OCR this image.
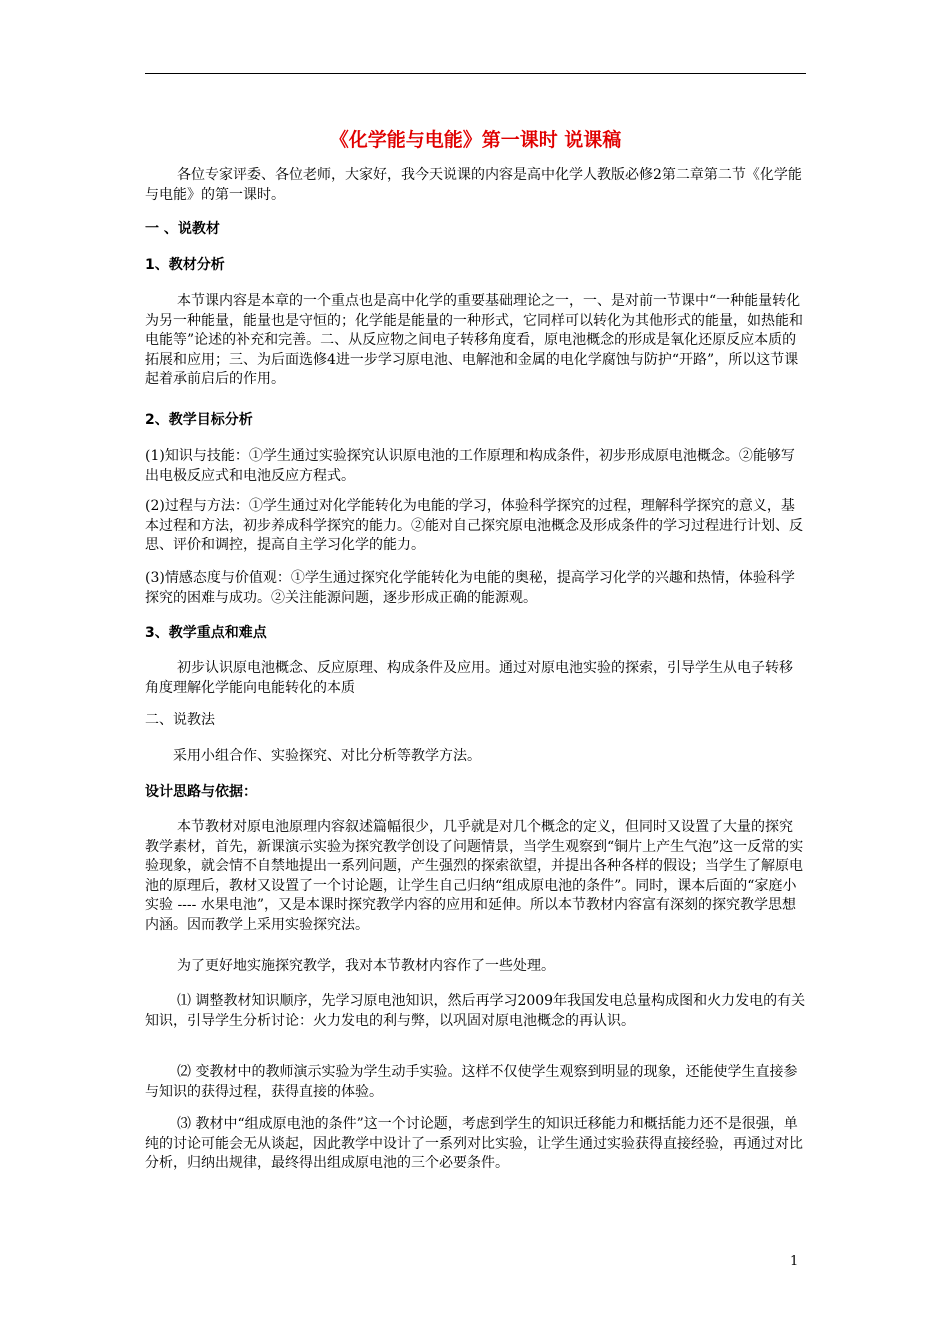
《化学能与电能》第一课时 说课稿

各位专家评委、各位老师，大家好，我今天说课的内容是高中化学人教版必修2第二章第二节《化学能与电能》的第一课时。

一 、说教材

1、教材分析

本节课内容是本章的一个重点也是高中化学的重要基础理论之一，一、是对前一节课中“一种能量转化为另一种能量，能量也是守恒的；化学能是能量的一种形式，它同样可以转化为其他形式的能量，如热能和电能等”论述的补充和完善。二、从反应物之间电子转移角度看，原电池概念的形成是氧化还原反应本质的拓展和应用；三、为后面选修4进一步学习原电池、电解池和金属的电化学腐蚀与防护“开路”，所以这节课起着承前启后的作用。

2、教学目标分析

(1)知识与技能：①学生通过实验探究认识原电池的工作原理和构成条件，初步形成原电池概念。②能够写出电极反应式和电池反应方程式。

(2)过程与方法：①学生通过对化学能转化为电能的学习，体验科学探究的过程，理解科学探究的意义，基本过程和方法，初步养成科学探究的能力。②能对自己探究原电池概念及形成条件的学习过程进行计划、反思、评价和调控，提高自主学习化学的能力。

(3)情感态度与价值观：①学生通过探究化学能转化为电能的奥秘，提高学习化学的兴趣和热情，体验科学探究的困难与成功。②关注能源问题，逐步形成正确的能源观。

3、教学重点和难点

初步认识原电池概念、反应原理、构成条件及应用。通过对原电池实验的探索，引导学生从电子转移角度理解化学能向电能转化的本质

二、说教法

采用小组合作、实验探究、对比分析等教学方法。

设计思路与依据：

本节教材对原电池原理内容叙述篇幅很少，几乎就是对几个概念的定义，但同时又设置了大量的探究教学素材，首先，新课演示实验为探究教学创设了问题情景，当学生观察到“铜片上产生气泡”这一反常的实验现象，就会情不自禁地提出一系列问题，产生强烈的探索欲望，并提出各种各样的假设；当学生了解原电池的原理后，教材又设置了一个讨论题，让学生自己归纳“组成原电池的条件”。同时，课本后面的“家庭小实验 ---- 水果电池”，又是本课时探究教学内容的应用和延伸。所以本节教材内容富有深刻的探究教学思想内涵。因而教学上采用实验探究法。

为了更好地实施探究教学，我对本节教材内容作了一些处理。

⑴ 调整教材知识顺序，先学习原电池知识，然后再学习2009年我国发电总量构成图和火力发电的有关知识，引导学生分析讨论：火力发电的利与弊，以巩固对原电池概念的再认识。

⑵ 变教材中的教师演示实验为学生动手实验。这样不仅使学生观察到明显的现象，还能使学生直接参与知识的获得过程，获得直接的体验。

⑶ 教材中“组成原电池的条件”这一个讨论题，考虑到学生的知识迁移能力和概括能力还不是很强，单纯的讨论可能会无从谈起，因此教学中设计了一系列对比实验，让学生通过实验获得直接经验，再通过对比分析，归纳出规律，最终得出组成原电池的三个必要条件。

1
